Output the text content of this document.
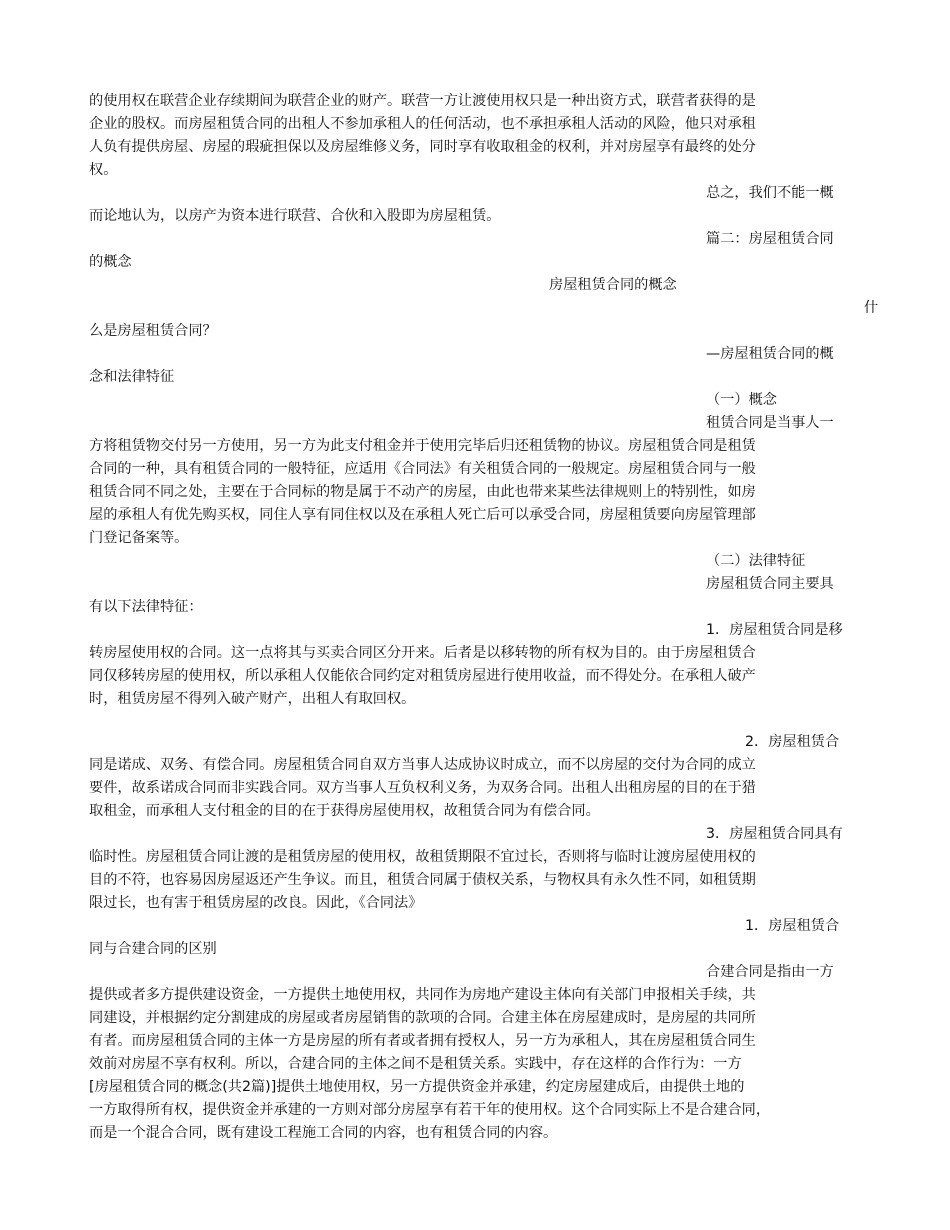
的使用权在联营企业存续期间为联营企业的财产。联营一方让渡使用权只是一种出资方式，联营者获得的是
企业的股权。而房屋租赁合同的出租人不参加承租人的任何活动，也不承担承租人活动的风险，他只对承租
人负有提供房屋、房屋的瑕疵担保以及房屋维修义务，同时享有收取租金的权利，并对房屋享有最终的处分
权。
总之，我们不能一概
而论地认为，以房产为资本进行联营、合伙和入股即为房屋租赁。
篇二：房屋租赁合同
的概念
房屋租赁合同的概念
什
么是房屋租赁合同？
—房屋租赁合同的概
念和法律特征
（一）概念
租赁合同是当事人一
方将租赁物交付另一方使用，另一方为此支付租金并于使用完毕后归还租赁物的协议。房屋租赁合同是租赁
合同的一种，具有租赁合同的一般特征，应适用《合同法》有关租赁合同的一般规定。房屋租赁合同与一般
租赁合同不同之处，主要在于合同标的物是属于不动产的房屋，由此也带来某些法律规则上的特别性，如房
屋的承租人有优先购买权，同住人享有同住权以及在承租人死亡后可以承受合同，房屋租赁要向房屋管理部
门登记备案等。
（二）法律特征
房屋租赁合同主要具
有以下法律特征：
1．房屋租赁合同是移
转房屋使用权的合同。这一点将其与买卖合同区分开来。后者是以移转物的所有权为目的。由于房屋租赁合
同仅移转房屋的使用权，所以承租人仅能依合同约定对租赁房屋进行使用收益，而不得处分。在承租人破产
时，租赁房屋不得列入破产财产，出租人有取回权。
2．房屋租赁合
同是诺成、双务、有偿合同。房屋租赁合同自双方当事人达成协议时成立，而不以房屋的交付为合同的成立
要件，故系诺成合同而非实践合同。双方当事人互负权利义务，为双务合同。出租人出租房屋的目的在于猎
取租金，而承租人支付租金的目的在于获得房屋使用权，故租赁合同为有偿合同。
3．房屋租赁合同具有
临时性。房屋租赁合同让渡的是租赁房屋的使用权，故租赁期限不宜过长，否则将与临时让渡房屋使用权的
目的不符，也容易因房屋返还产生争议。而且，租赁合同属于债权关系，与物权具有永久性不同，如租赁期
限过长，也有害于租赁房屋的改良。因此，《合同法》
1．房屋租赁合
同与合建合同的区别
合建合同是指由一方
提供或者多方提供建设资金，一方提供土地使用权，共同作为房地产建设主体向有关部门申报相关手续，共
同建设，并根据约定分割建成的房屋或者房屋销售的款项的合同。合建主体在房屋建成时，是房屋的共同所
有者。而房屋租赁合同的主体一方是房屋的所有者或者拥有授权人，另一方为承租人，其在房屋租赁合同生
效前对房屋不享有权利。所以，合建合同的主体之间不是租赁关系。实践中，存在这样的合作行为：一方
[房屋租赁合同的概念(共2篇)]提供土地使用权，另一方提供资金并承建，约定房屋建成后，由提供土地的
一方取得所有权，提供资金并承建的一方则对部分房屋享有若干年的使用权。这个合同实际上不是合建合同，
而是一个混合合同，既有建设工程施工合同的内容，也有租赁合同的内容。
